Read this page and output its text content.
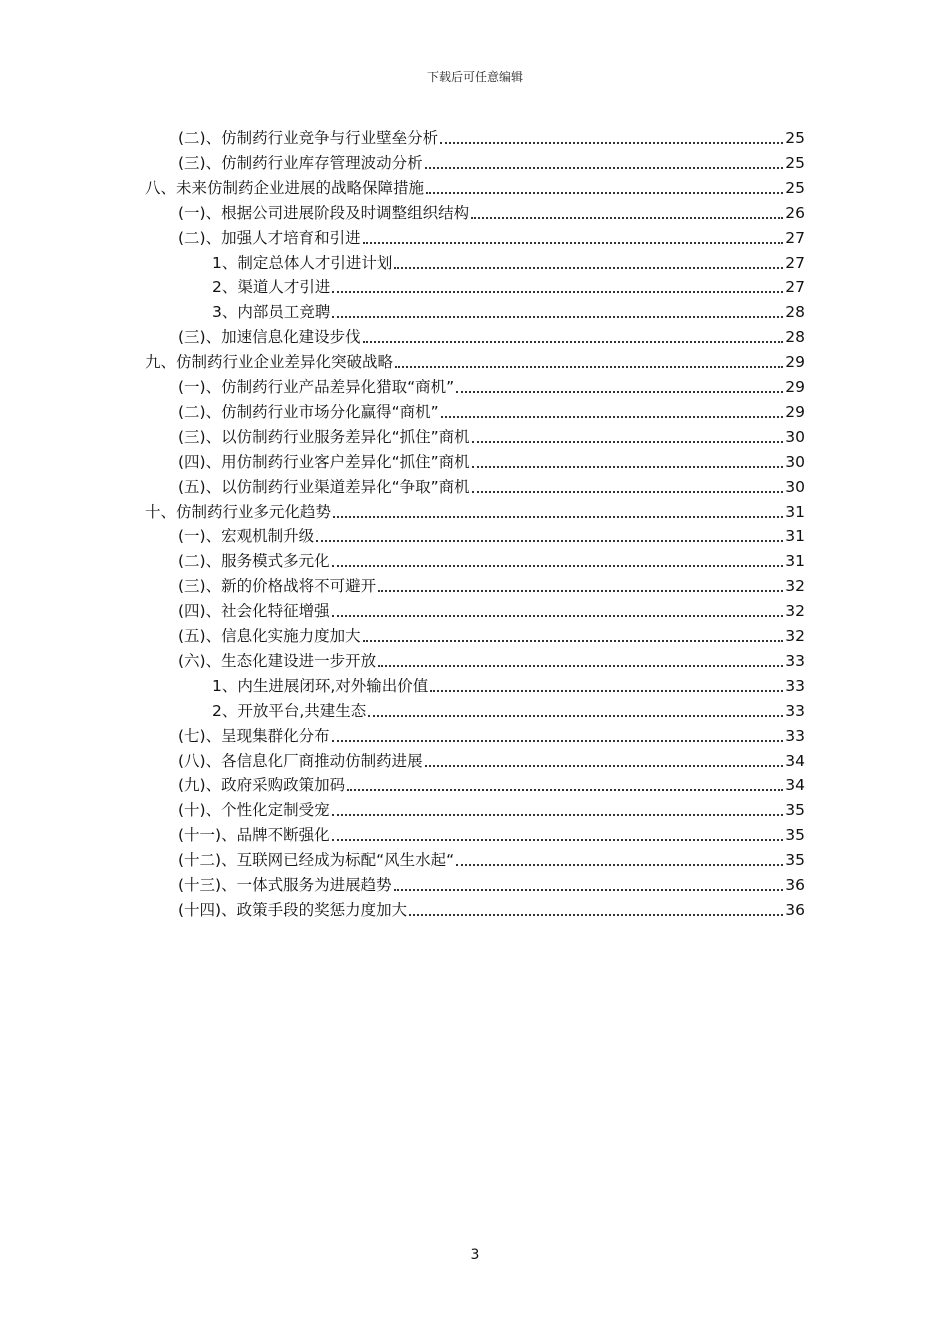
下载后可任意编辑
(二)、仿制药行业竞争与行业壁垒分析	25
(三)、仿制药行业库存管理波动分析	25
八、未来仿制药企业进展的战略保障措施	25
(一)、根据公司进展阶段及时调整组织结构	26
(二)、加强人才培育和引进	27
1、制定总体人才引进计划	27
2、渠道人才引进	27
3、内部员工竞聘	28
(三)、加速信息化建设步伐	28
九、仿制药行业企业差异化突破战略	29
(一)、仿制药行业产品差异化猎取“商机”	29
(二)、仿制药行业市场分化赢得“商机”	29
(三)、以仿制药行业服务差异化“抓住”商机	30
(四)、用仿制药行业客户差异化“抓住”商机	30
(五)、以仿制药行业渠道差异化“争取”商机	30
十、仿制药行业多元化趋势	31
(一)、宏观机制升级	31
(二)、服务模式多元化	31
(三)、新的价格战将不可避开	32
(四)、社会化特征增强	32
(五)、信息化实施力度加大	32
(六)、生态化建设进一步开放	33
1、内生进展闭环,对外输出价值	33
2、开放平台,共建生态	33
(七)、呈现集群化分布	33
(八)、各信息化厂商推动仿制药进展	34
(九)、政府采购政策加码	34
(十)、个性化定制受宠	35
(十一)、品牌不断强化	35
(十二)、互联网已经成为标配“风生水起“	35
(十三)、一体式服务为进展趋势	36
(十四)、政策手段的奖惩力度加大	36
3
